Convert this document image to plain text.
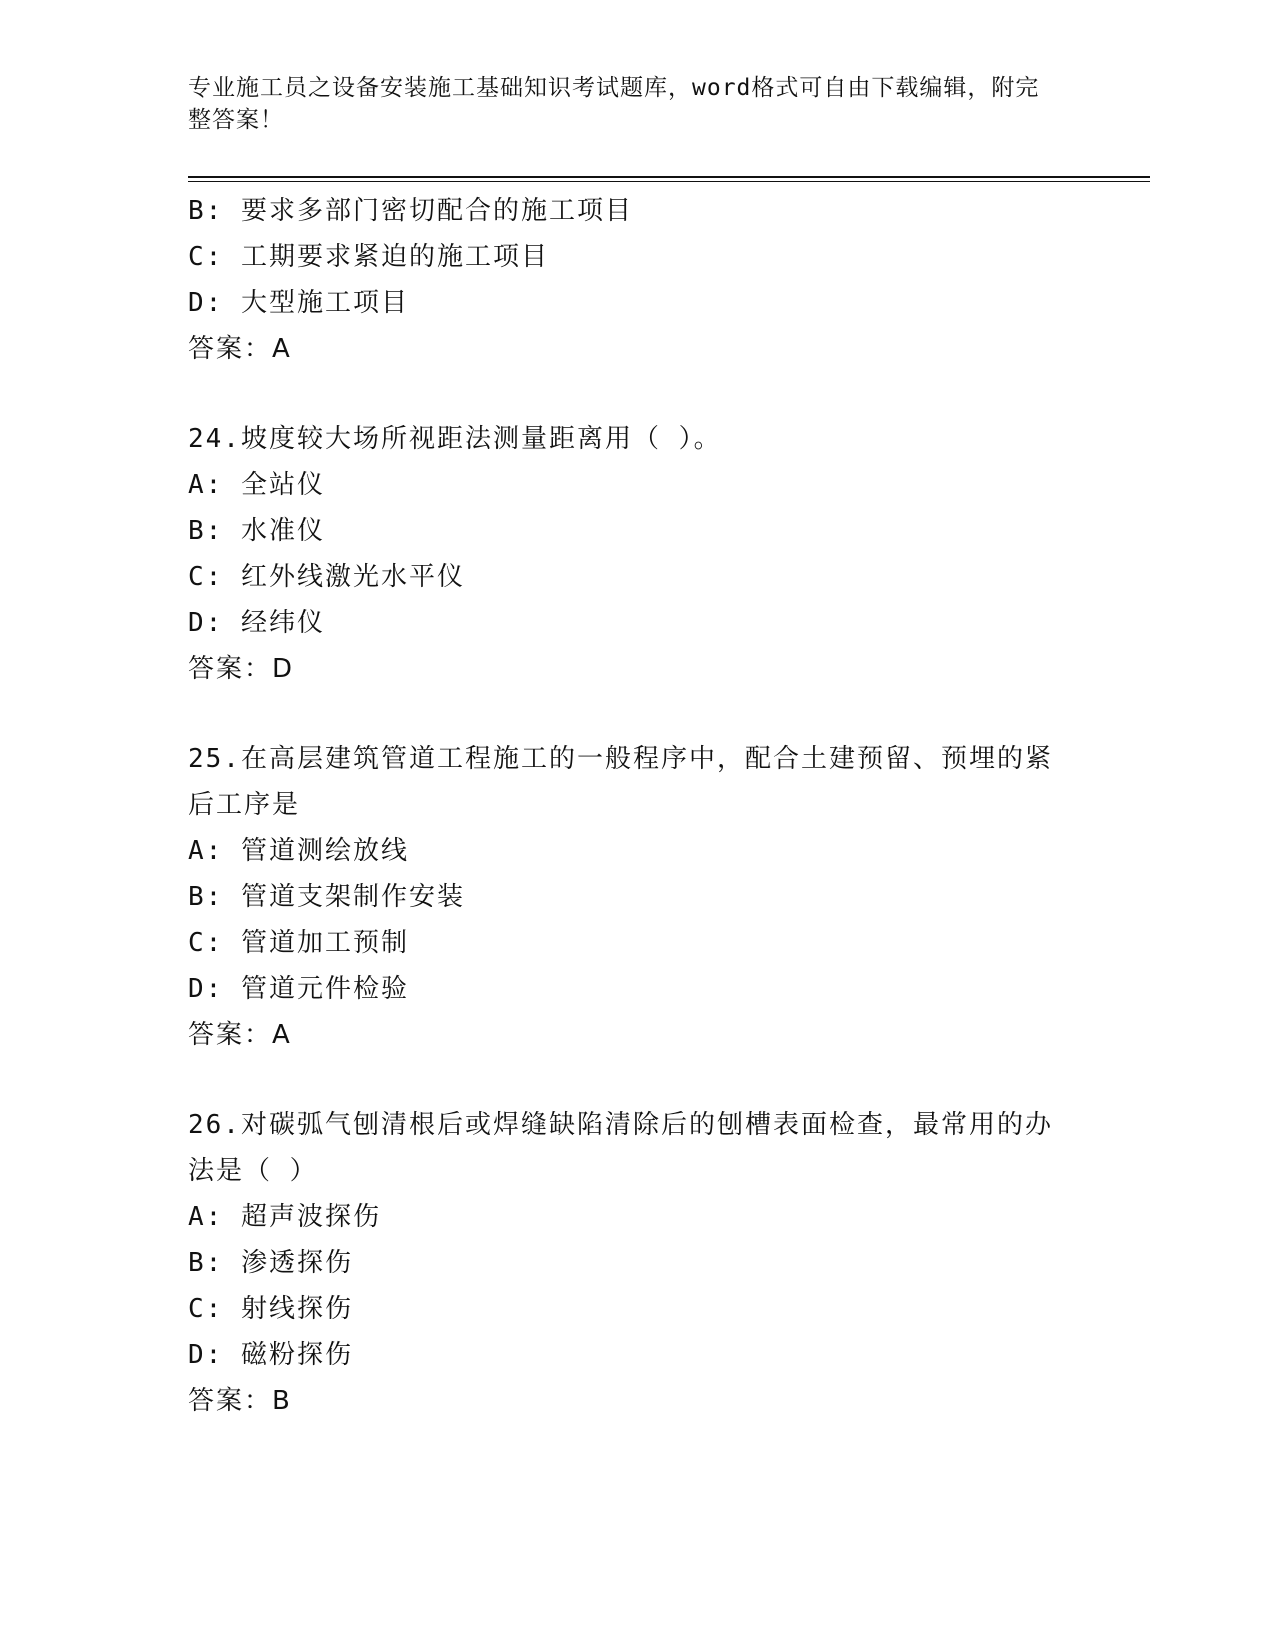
专业施工员之设备安装施工基础知识考试题库，word格式可自由下载编辑，附完
整答案！
B: 要求多部门密切配合的施工项目
C: 工期要求紧迫的施工项目
D: 大型施工项目
答案：A
24.坡度较大场所视距法测量距离用（ ）。
A: 全站仪
B: 水准仪
C: 红外线激光水平仪
D: 经纬仪
答案：D
25.在高层建筑管道工程施工的一般程序中，配合土建预留、预埋的紧
后工序是
A: 管道测绘放线
B: 管道支架制作安装
C: 管道加工预制
D: 管道元件检验
答案：A
26.对碳弧气刨清根后或焊缝缺陷清除后的刨槽表面检查，最常用的办
法是（ ）
A: 超声波探伤
B: 渗透探伤
C: 射线探伤
D: 磁粉探伤
答案：B
